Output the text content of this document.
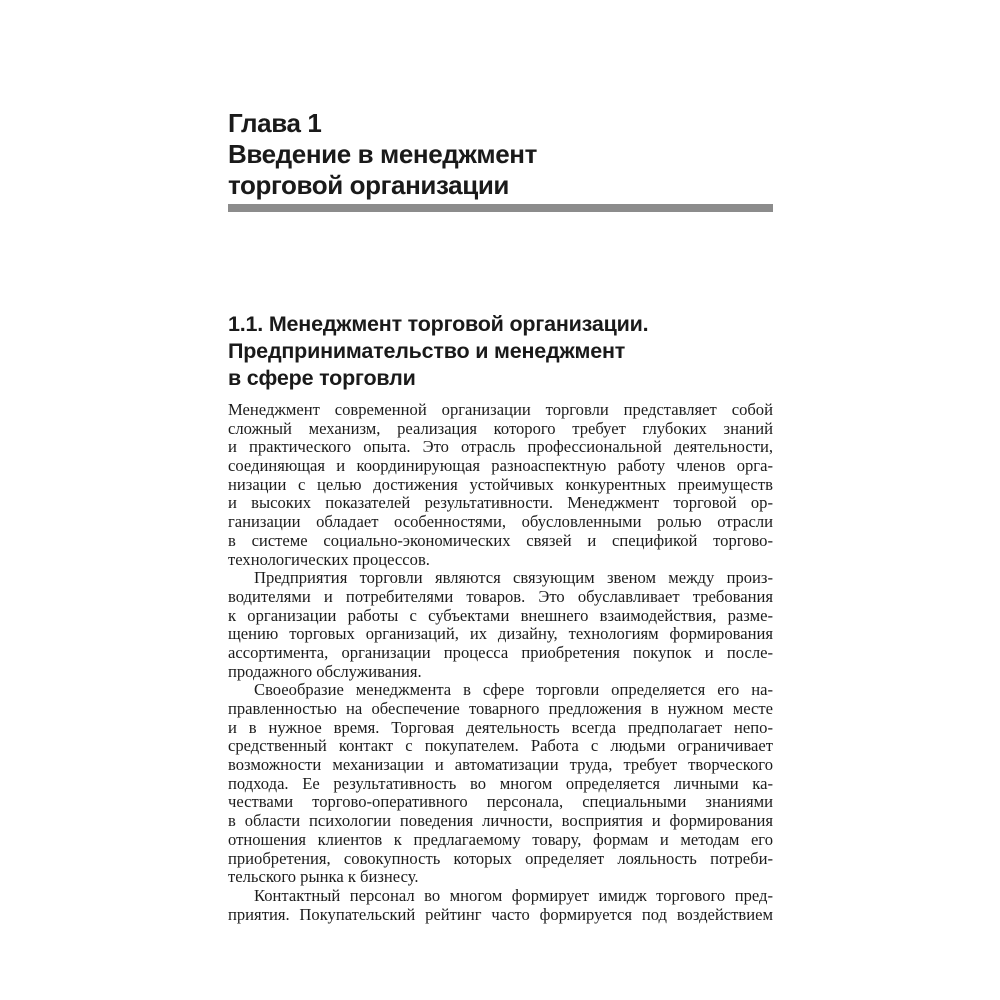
Глава 1
Введение в менеджмент
торговой организации
1.1. Менеджмент торговой организации.
Предпринимательство и менеджмент
в сфере торговли

Менеджмент современной организации торговли представляет собой
сложный механизм, реализация которого требует глубоких знаний
и практического опыта. Это отрасль профессиональной деятельности,
соединяющая и координирующая разноаспектную работу членов орга-
низации с целью достижения устойчивых конкурентных преимуществ
и высоких показателей результативности. Менеджмент торговой ор-
ганизации обладает особенностями, обусловленными ролью отрасли
в системе социально-экономических связей и спецификой торгово-
технологических процессов.

Предприятия торговли являются связующим звеном между произ-
водителями и потребителями товаров. Это обуславливает требования
к организации работы с субъектами внешнего взаимодействия, разме-
щению торговых организаций, их дизайну, технологиям формирования
ассортимента, организации процесса приобретения покупок и после-
продажного обслуживания.

Своеобразие менеджмента в сфере торговли определяется его на-
правленностью на обеспечение товарного предложения в нужном месте
и в нужное время. Торговая деятельность всегда предполагает непо-
средственный контакт с покупателем. Работа с людьми ограничивает
возможности механизации и автоматизации труда, требует творческого
подхода. Ее результативность во многом определяется личными ка-
чествами торгово-оперативного персонала, специальными знаниями
в области психологии поведения личности, восприятия и формирования
отношения клиентов к предлагаемому товару, формам и методам его
приобретения, совокупность которых определяет лояльность потреби-
тельского рынка к бизнесу.

Контактный персонал во многом формирует имидж торгового пред-
приятия. Покупательский рейтинг часто формируется под воздействием
